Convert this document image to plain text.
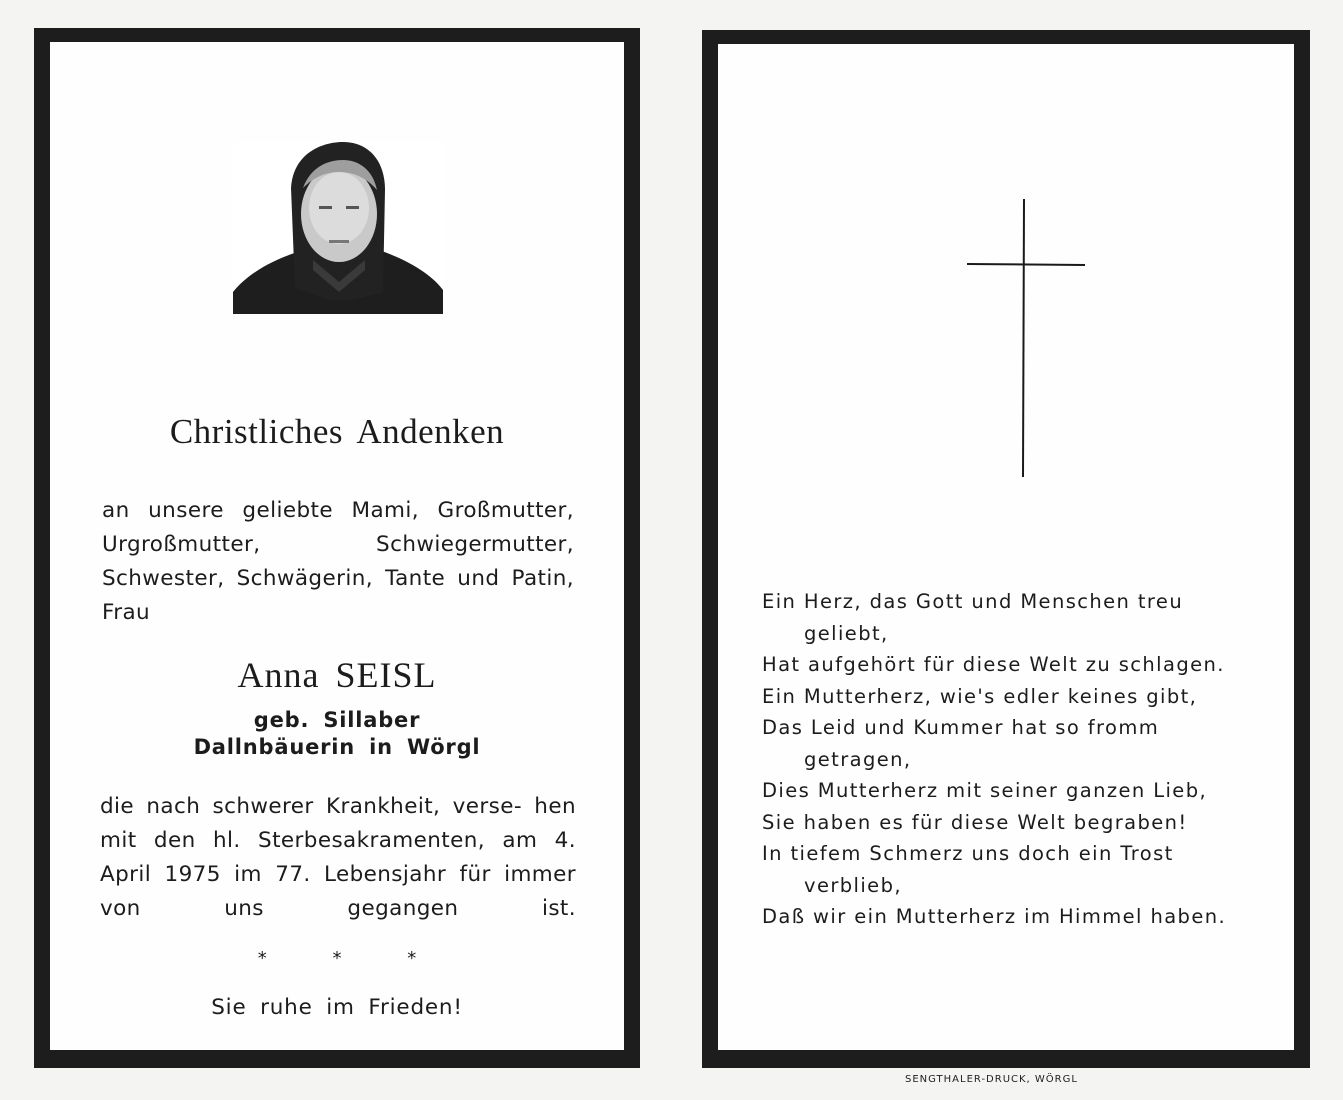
Christliches Andenken
an unsere geliebte Mami, Großmutter, Urgroßmutter, Schwiegermutter, Schwester, Schwägerin, Tante und Patin, Frau
Anna SEISL
geb. Sillaber
Dallnbäuerin in Wörgl
die nach schwerer Krankheit, verse- hen mit den hl. Sterbesakramenten, am 4. April 1975 im 77. Lebensjahr für immer von uns gegangen ist.
* * *
Sie ruhe im Frieden!
Ein Herz, das Gott und Menschen treu
geliebt,
Hat aufgehört für diese Welt zu schlagen.
Ein Mutterherz, wie's edler keines gibt,
Das Leid und Kummer hat so fromm
getragen,
Dies Mutterherz mit seiner ganzen Lieb,
Sie haben es für diese Welt begraben!
In tiefem Schmerz uns doch ein Trost
verblieb,
Daß wir ein Mutterherz im Himmel haben.
SENGTHALER-DRUCK, WÖRGL
